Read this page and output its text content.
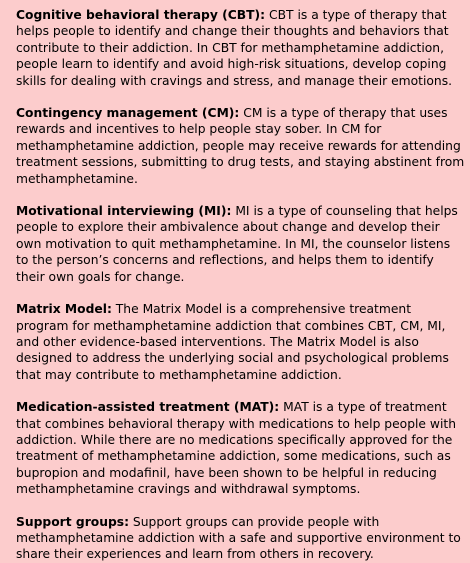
Cognitive behavioral therapy (CBT): CBT is a type of therapy that helps people to identify and change their thoughts and behaviors that contribute to their addiction. In CBT for methamphetamine addiction, people learn to identify and avoid high-risk situations, develop coping skills for dealing with cravings and stress, and manage their emotions.

Contingency management (CM): CM is a type of therapy that uses rewards and incentives to help people stay sober. In CM for methamphetamine addiction, people may receive rewards for attending treatment sessions, submitting to drug tests, and staying abstinent from methamphetamine.

Motivational interviewing (MI): MI is a type of counseling that helps people to explore their ambivalence about change and develop their own motivation to quit methamphetamine. In MI, the counselor listens to the person’s concerns and reflections, and helps them to identify their own goals for change.

Matrix Model: The Matrix Model is a comprehensive treatment program for methamphetamine addiction that combines CBT, CM, MI, and other evidence-based interventions. The Matrix Model is also designed to address the underlying social and psychological problems that may contribute to methamphetamine addiction.

Medication-assisted treatment (MAT): MAT is a type of treatment that combines behavioral therapy with medications to help people with addiction. While there are no medications specifically approved for the treatment of methamphetamine addiction, some medications, such as bupropion and modafinil, have been shown to be helpful in reducing methamphetamine cravings and withdrawal symptoms.

Support groups: Support groups can provide people with methamphetamine addiction with a safe and supportive environment to share their experiences and learn from others in recovery.
